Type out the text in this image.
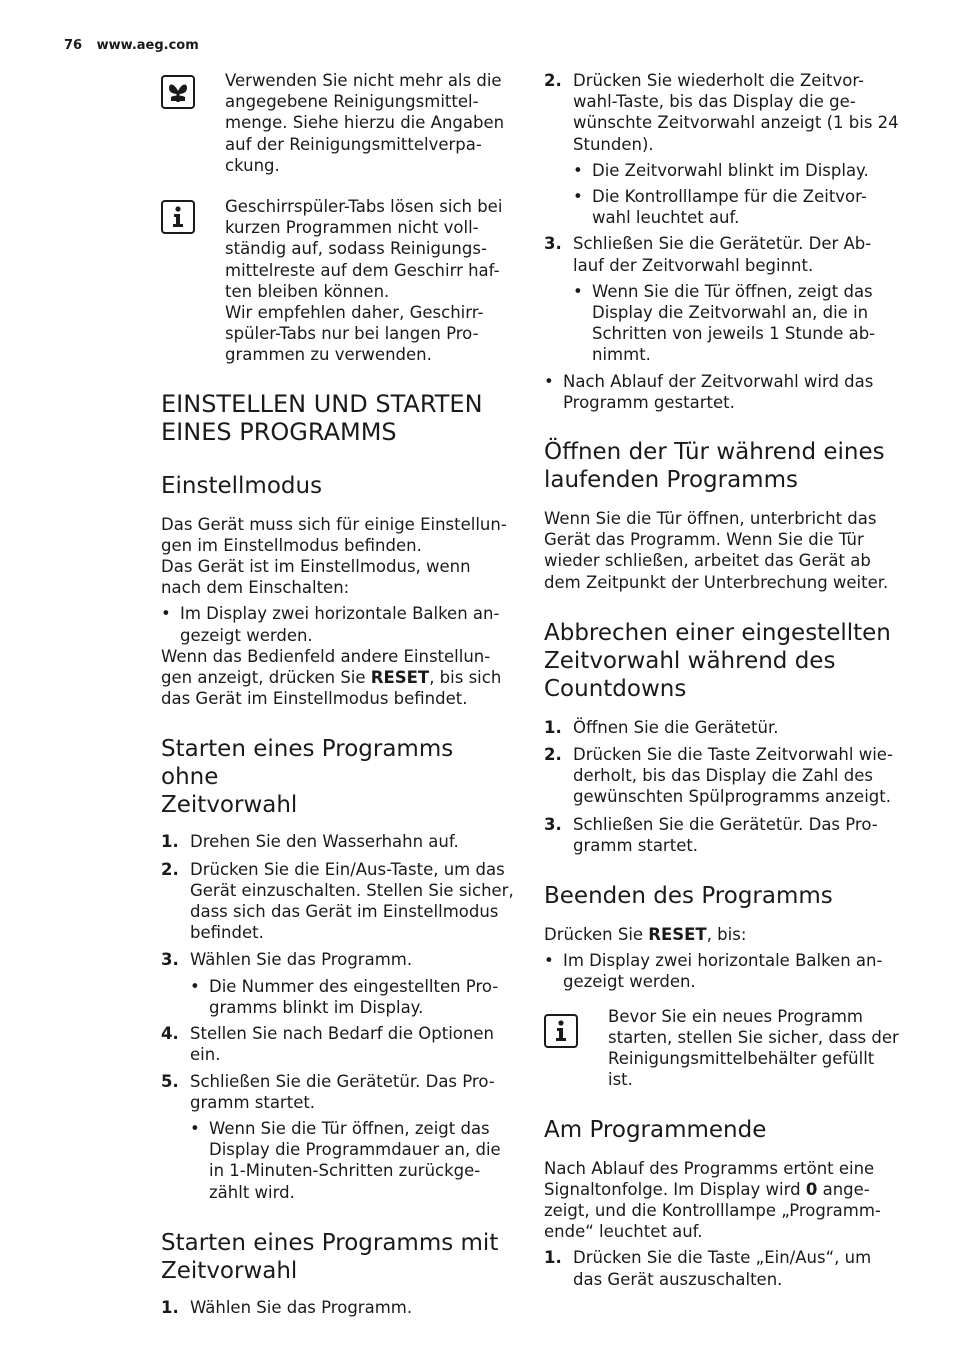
76 www.aeg.com
Verwenden Sie nicht mehr als die
angegebene Reinigungsmittel-
menge. Siehe hierzu die Angaben
auf der Reinigungsmittelverpa-
ckung.
Geschirrspüler-Tabs lösen sich bei
kurzen Programmen nicht voll-
ständig auf, sodass Reinigungs-
mittelreste auf dem Geschirr haf-
ten bleiben können.
Wir empfehlen daher, Geschirr-
spüler-Tabs nur bei langen Pro-
grammen zu verwenden.
EINSTELLEN UND STARTEN
EINES PROGRAMMS
Einstellmodus

Das Gerät muss sich für einige Einstellun-

gen im Einstellmodus befinden.

Das Gerät ist im Einstellmodus, wenn

nach dem Einschalten:

• Im Display zwei horizontale Balken an-

gezeigt werden.

Wenn das Bedienfeld andere Einstellun-

gen anzeigt, drücken Sie RESET, bis sich

das Gerät im Einstellmodus befindet.

Starten eines Programms ohne
Zeitvorwahl
1. Drehen Sie den Wasserhahn auf.

2. Drücken Sie die Ein/Aus-Taste, um das

Gerät einzuschalten. Stellen Sie sicher,

dass sich das Gerät im Einstellmodus

befindet.

3. Wählen Sie das Programm.

• Die Nummer des eingestellten Pro-

gramms blinkt im Display.

4. Stellen Sie nach Bedarf die Optionen

ein.

5. Schließen Sie die Gerätetür. Das Pro-

gramm startet.

• Wenn Sie die Tür öffnen, zeigt das

Display die Programmdauer an, die

in 1-Minuten-Schritten zurückge-

zählt wird.

Starten eines Programms mit
Zeitvorwahl
1. Wählen Sie das Programm.

2. Drücken Sie wiederholt die Zeitvor-

wahl-Taste, bis das Display die ge-

wünschte Zeitvorwahl anzeigt (1 bis 24

Stunden).

• Die Zeitvorwahl blinkt im Display.

• Die Kontrolllampe für die Zeitvor-

wahl leuchtet auf.

3. Schließen Sie die Gerätetür. Der Ab-

lauf der Zeitvorwahl beginnt.

• Wenn Sie die Tür öffnen, zeigt das

Display die Zeitvorwahl an, die in

Schritten von jeweils 1 Stunde ab-

nimmt.

• Nach Ablauf der Zeitvorwahl wird das

Programm gestartet.

Öffnen der Tür während eines
laufenden Programms

Wenn Sie die Tür öffnen, unterbricht das

Gerät das Programm. Wenn Sie die Tür

wieder schließen, arbeitet das Gerät ab

dem Zeitpunkt der Unterbrechung weiter.

Abbrechen einer eingestellten
Zeitvorwahl während des
Countdowns
1. Öffnen Sie die Gerätetür.

2. Drücken Sie die Taste Zeitvorwahl wie-

derholt, bis das Display die Zahl des

gewünschten Spülprogramms anzeigt.

3. Schließen Sie die Gerätetür. Das Pro-

gramm startet.

Beenden des Programms

Drücken Sie RESET, bis:

• Im Display zwei horizontale Balken an-

gezeigt werden.

Bevor Sie ein neues Programm
starten, stellen Sie sicher, dass der
Reinigungsmittelbehälter gefüllt
ist.
Am Programmende

Nach Ablauf des Programms ertönt eine

Signaltonfolge. Im Display wird 0 ange-

zeigt, und die Kontrolllampe „Programm-

ende“ leuchtet auf.

1. Drücken Sie die Taste „Ein/Aus“, um

das Gerät auszuschalten.
